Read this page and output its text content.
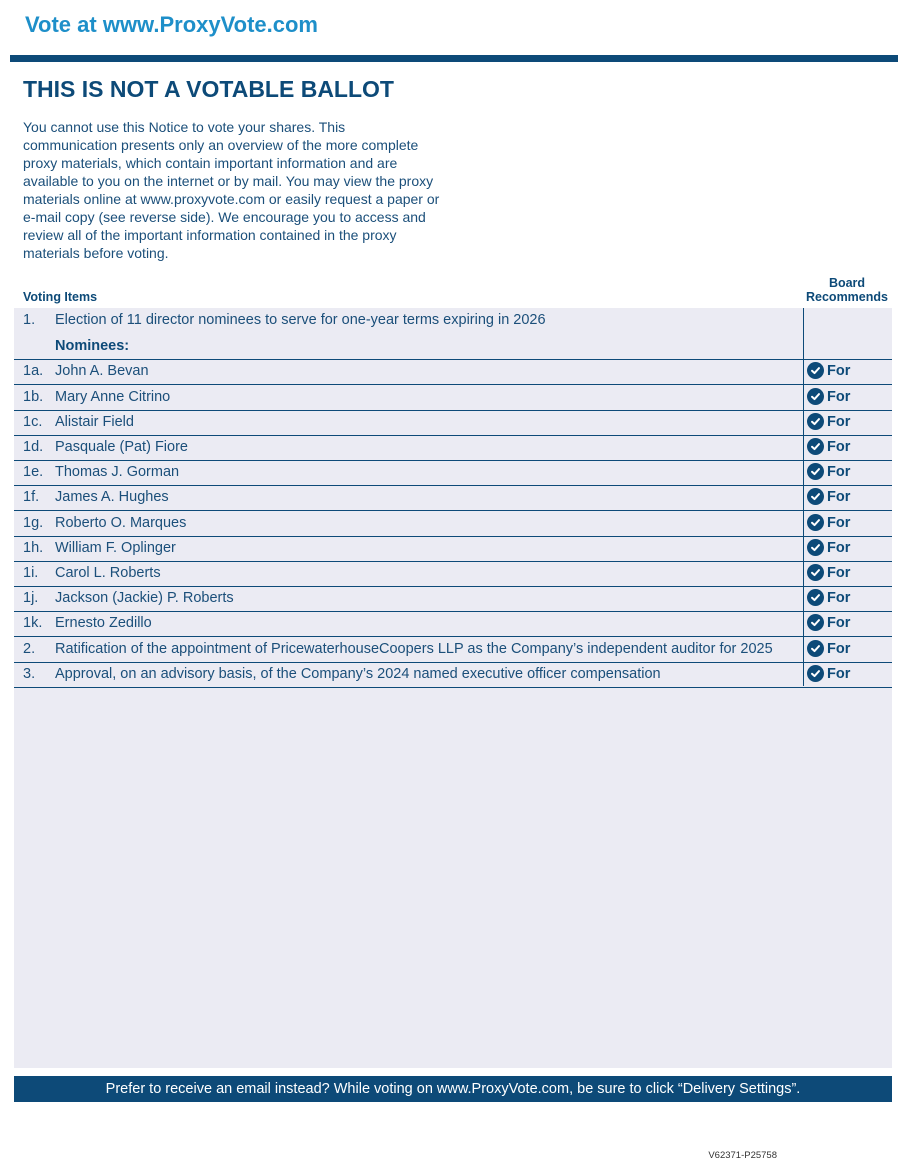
Vote at www.ProxyVote.com
THIS IS NOT A VOTABLE BALLOT
You cannot use this Notice to vote your shares. This communication presents only an overview of the more complete proxy materials, which contain important information and are available to you on the internet or by mail. You may view the proxy materials online at www.proxyvote.com or easily request a paper or e-mail copy (see reverse side). We encourage you to access and review all of the important information contained in the proxy materials before voting.
Voting Items
Board Recommends
1. Election of 11 director nominees to serve for one-year terms expiring in 2026
Nominees:
1a. John A. Bevan	For
1b. Mary Anne Citrino	For
1c. Alistair Field	For
1d. Pasquale (Pat) Fiore	For
1e. Thomas J. Gorman	For
1f. James A. Hughes	For
1g. Roberto O. Marques	For
1h. William F. Oplinger	For
1i. Carol L. Roberts	For
1j. Jackson (Jackie) P. Roberts	For
1k. Ernesto Zedillo	For
2. Ratification of the appointment of PricewaterhouseCoopers LLP as the Company’s independent auditor for 2025	For
3. Approval, on an advisory basis, of the Company’s 2024 named executive officer compensation	For
Prefer to receive an email instead? While voting on www.ProxyVote.com, be sure to click “Delivery Settings”.
V62371-P25758
